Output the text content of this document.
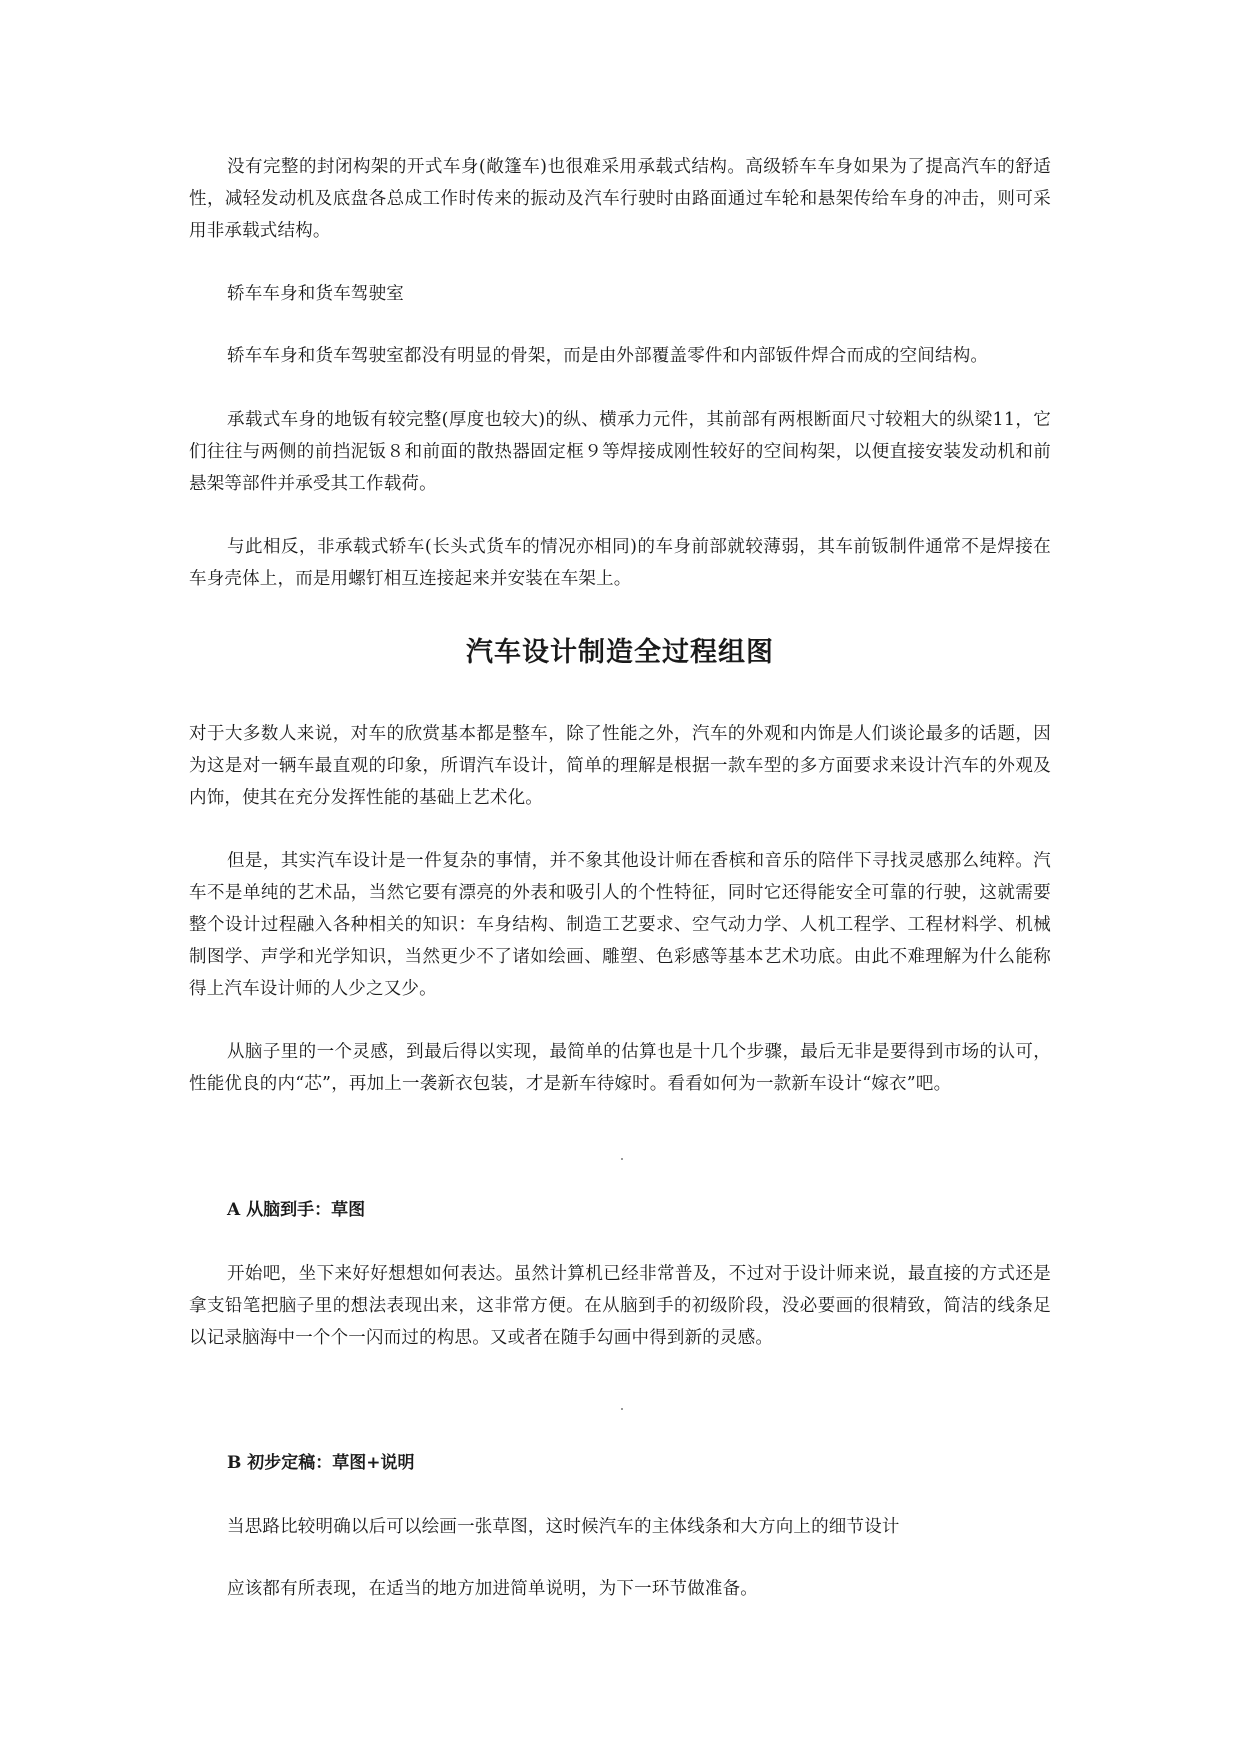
没有完整的封闭构架的开式车身(敞篷车)也很难采用承载式结构。高级轿车车身如果为了提高汽车的舒适性，减轻发动机及底盘各总成工作时传来的振动及汽车行驶时由路面通过车轮和悬架传给车身的冲击，则可采用非承载式结构。

轿车车身和货车驾驶室

轿车车身和货车驾驶室都没有明显的骨架，而是由外部覆盖零件和内部钣件焊合而成的空间结构。

承载式车身的地钣有较完整(厚度也较大)的纵、横承力元件，其前部有两根断面尺寸较粗大的纵梁11，它们往往与两侧的前挡泥钣８和前面的散热器固定框９等焊接成刚性较好的空间构架，以便直接安装发动机和前悬架等部件并承受其工作载荷。

与此相反，非承载式轿车(长头式货车的情况亦相同)的车身前部就较薄弱，其车前钣制件通常不是焊接在车身壳体上，而是用螺钉相互连接起来并安装在车架上。

汽车设计制造全过程组图

对于大多数人来说，对车的欣赏基本都是整车，除了性能之外，汽车的外观和内饰是人们谈论最多的话题，因为这是对一辆车最直观的印象，所谓汽车设计，简单的理解是根据一款车型的多方面要求来设计汽车的外观及内饰，使其在充分发挥性能的基础上艺术化。

但是，其实汽车设计是一件复杂的事情，并不象其他设计师在香槟和音乐的陪伴下寻找灵感那么纯粹。汽车不是单纯的艺术品，当然它要有漂亮的外表和吸引人的个性特征，同时它还得能安全可靠的行驶，这就需要整个设计过程融入各种相关的知识：车身结构、制造工艺要求、空气动力学、人机工程学、工程材料学、机械制图学、声学和光学知识，当然更少不了诸如绘画、雕塑、色彩感等基本艺术功底。由此不难理解为什么能称得上汽车设计师的人少之又少。

从脑子里的一个灵感，到最后得以实现，最简单的估算也是十几个步骤，最后无非是要得到市场的认可，性能优良的内“芯”，再加上一袭新衣包装，才是新车待嫁时。看看如何为一款新车设计“嫁衣”吧。

A 从脑到手：草图

开始吧，坐下来好好想想如何表达。虽然计算机已经非常普及，不过对于设计师来说，最直接的方式还是拿支铅笔把脑子里的想法表现出来，这非常方便。在从脑到手的初级阶段，没必要画的很精致，简洁的线条足以记录脑海中一个个一闪而过的构思。又或者在随手勾画中得到新的灵感。

B 初步定稿：草图+说明

当思路比较明确以后可以绘画一张草图，这时候汽车的主体线条和大方向上的细节设计

应该都有所表现，在适当的地方加进简单说明，为下一环节做准备。
